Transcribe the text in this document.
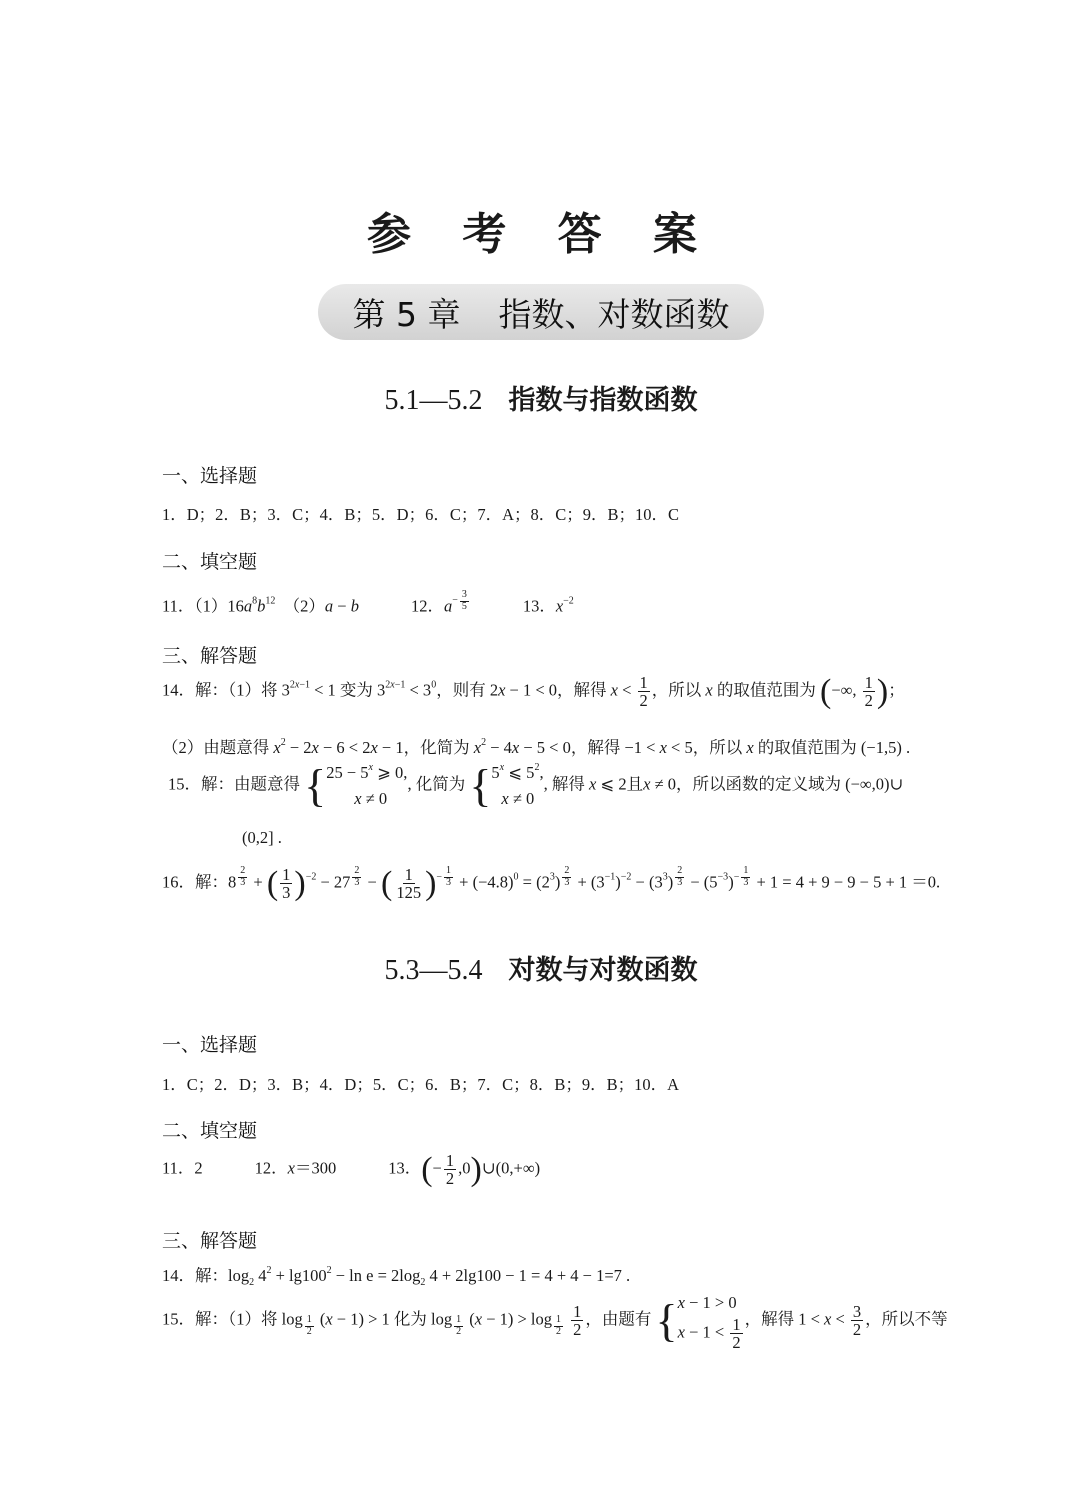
参 考 答 案
第 5 章 指数、对数函数
5.1—5.2 指数与指数函数
一、选择题
1．D；2．B；3．C；4．B；5．D；6．C；7．A；8．C；9．B；10．C
二、填空题
11．$(1)16a^8b^{12}$　（2）a − b	12．$a^{- \frac{3}{5}}$	13．$x^{-2}$
三、解答题
14．解：（1）将 $3^{2x-1} < 1$ 变为 $3^{2x-1} < 3^0$，则有 2x − 1 < 0，解得 $x < \frac{1}{2}$ ，所以 x 的取值范围为 (−∞, $\frac{1}{2}$ )；
（2）由题意得 $x^2 - 2x - 6 < 2x - 1$，化简为 $x^2 - 4x - 5 < 0$，解得 −1 < x < 5，所以 x 的取值范围为 (−1,5) .
15．解：由题意得 { $25 - 5^x$ ⩾ 0,
x ≠ 0
, 化简为 { 5$^x$ ⩽ $5^2$,
x ≠ 0
, 解得 x ⩽ 2且x ≠ 0，所以函数的定义域为 (−∞,0)∪
(0,2] .
16．解：8 $^{\frac{2}{3}}$ + ( $\frac{1}{3} )^{-2} - 27$ $^{\frac{2}{3}}$ − ( $\frac{1}{125} )^{- \frac{1}{3}} + (-4.8)^0 = (2^3)$ $^{\frac{2}{3}} + (3^{-1})^{-2} - (3^3) ^{\frac{2}{3}} - (5^{-3})^{- \frac{1}{3}} + 1 = 4 + 9 - 9 - 5 + 1 =0$.
5.3—5.4 对数与对数函数
一、选择题
1．C；2．D；3．B；4．D；5．C；6．B；7．C；8．B；9．B；10．A
二、填空题
11．2	12．x＝300	13．(− $\frac{1}{2}$ ,0)∪(0,+∞)
三、解答题
14．解：$\log_2 4^2 + \lg 100^2 - \ln e = 2\log_2$ 4 + 2lg100 − 1 = 4 + 4 − 1=7 .
15．解：（1）将 log $_{\frac{1}{2}}$ (x − 1) > 1 化为 log $_{\frac{1}{2}}$ (x − 1) > log $_{\frac{1}{2}}$
$\frac{1}{2}$ ，由题有 { x − 1 > 0
$x - 1 < \frac{1}{2}$ ，解得 $1 < x < \frac{3}{2}$ ，所以不等
